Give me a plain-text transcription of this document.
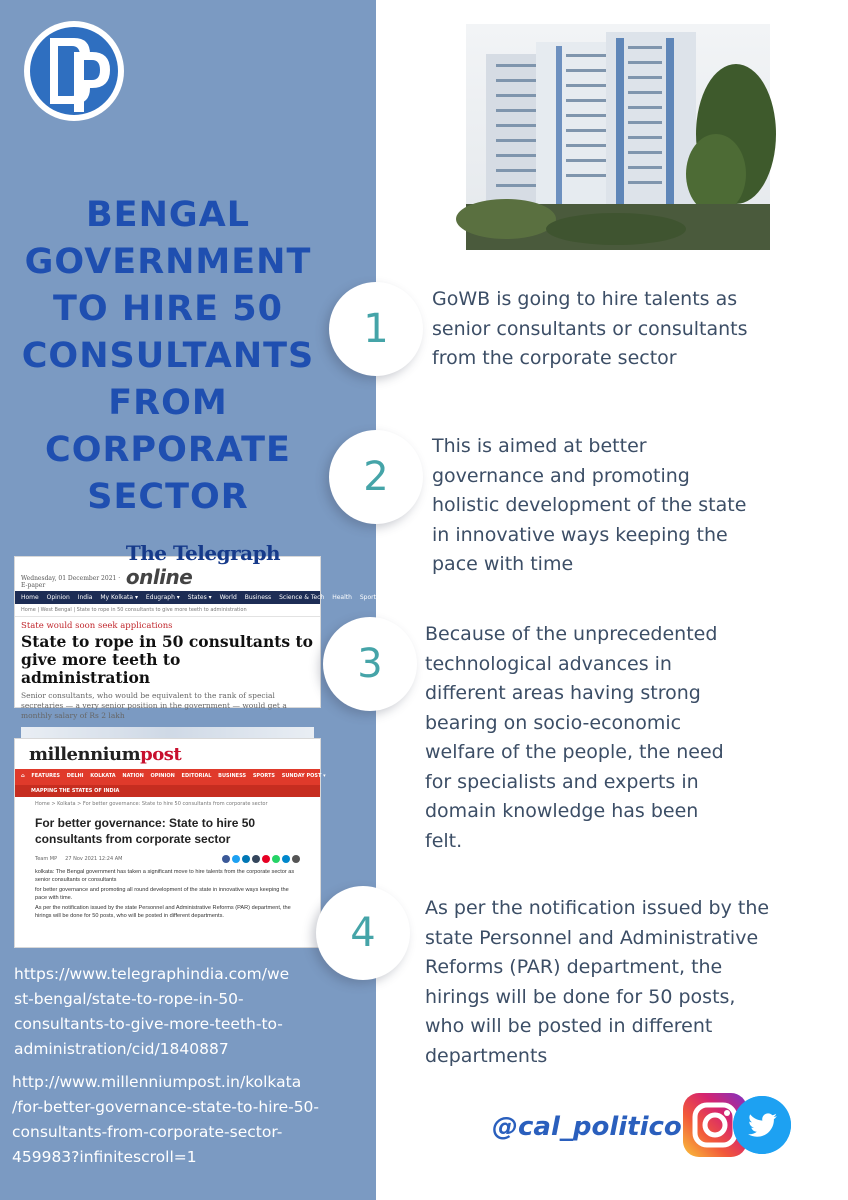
BENGAL
GOVERNMENT
TO HIRE 50
CONSULTANTS
FROM
CORPORATE
SECTOR
Wednesday, 01 December 2021 · E-paper
The Telegraph online
Home Opinion India My Kolkata ▾ Edugraph ▾ States ▾ World Business Science & Tech Health Sports ▾ E
Home | West Bengal | State to rope in 50 consultants to give more teeth to administration
State would soon seek applications
State to rope in 50 consultants to give more teeth to administration
Senior consultants, who would be equivalent to the rank of special secretaries — a very senior position in the government — would get a monthly salary of Rs 2 lakh
millenniumpost
⌂ FEATURES DELHI KOLKATA NATION OPINION EDITORIAL BUSINESS SPORTS SUNDAY POST ▾
MAPPING THE STATES OF INDIA
Home > Kolkata > For better governance: State to hire 50 consultants from corporate sector
For better governance: State to hire 50 consultants from corporate sector
Team MP 27 Nov 2021 12:24 AM

kolkata: The Bengal government has taken a significant move to hire talents from the corporate sector as senior consultants or consultants

for better governance and promoting all round development of the state in innovative ways keeping the pace with time.

As per the notification issued by the state Personnel and Administrative Reforms (PAR) department, the hirings will be done for 50 posts, who will be posted in different departments.

https://www.telegraphindia.com/we
st-bengal/state-to-rope-in-50-
consultants-to-give-more-teeth-to-
administration/cid/1840887
http://www.millenniumpost.in/kolkata
/for-better-governance-state-to-hire-50-
consultants-from-corporate-sector-
459983?infinitescroll=1
1
GoWB is going to hire talents as
senior consultants or consultants
from the corporate sector
2
This is aimed at better
governance and promoting
holistic development of the state
in innovative ways keeping the
pace with time
3
Because of the unprecedented
technological advances in
different areas having strong
bearing on socio-economic
welfare of the people, the need
for specialists and experts in
domain knowledge has been
felt.
4
As per the notification issued by the
state Personnel and Administrative
Reforms (PAR) department, the
hirings will be done for 50 posts,
who will be posted in different
departments
@cal_politico
